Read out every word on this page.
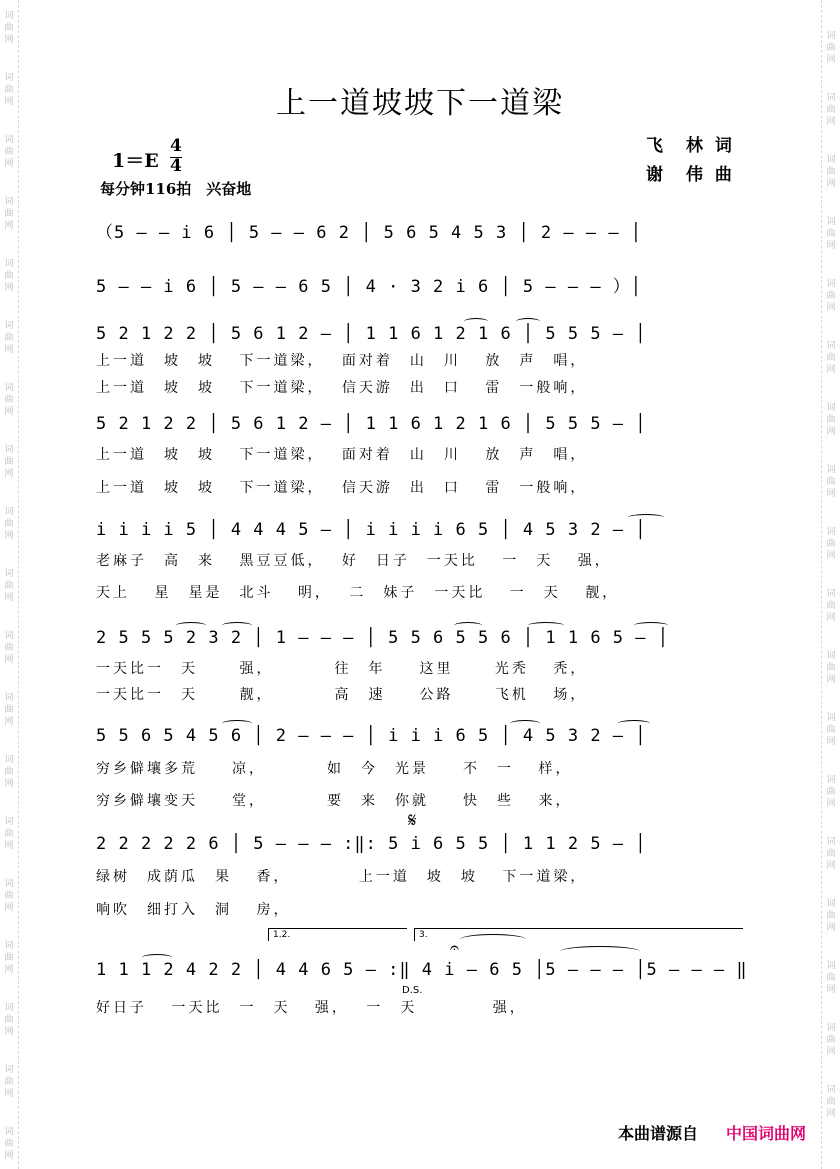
词曲网
词曲网
词曲网
词曲网
词曲网
词曲网
词曲网
词曲网
词曲网
词曲网
词曲网
词曲网
词曲网
词曲网
词曲网
词曲网
词曲网
词曲网
词曲网
词曲网
词曲网
词曲网
词曲网
词曲网
词曲网
词曲网
词曲网
词曲网
词曲网
词曲网
词曲网
词曲网
词曲网
词曲网
词曲网
词曲网
词曲网
上一道坡坡下一道梁
1＝E
4
4
每分钟116拍　兴奋地
飞　林 词
谢　伟 曲
（5 – – i 6 │ 5 – – 6 2 │ 5 6 5 4 5 3 │ 2 – – – │
5 – – i 6 │ 5 – – 6 5 │ 4 · 3 2 i 6 │ 5 – – – ）│
5 2 1 2 2 │ 5 6 1 2 – │ 1 1 6 1 2 1 6 │ 5 5 5 – │
上一道　坡　坡　 下一道梁，　 面对着　山　川　 放　声　唱，
上一道　坡　坡　 下一道梁，　 信天游　出　口　 雷　一般响，
5 2 1 2 2 │ 5 6 1 2 – │ 1 1 6 1 2 1 6 │ 5 5 5 – │
上一道　坡　坡　 下一道梁，　 面对着　山　川　 放　声　唱，
上一道　坡　坡　 下一道梁，　 信天游　出　口　 雷　一般响，
i i i i 5 │ 4 4 4 5 – │ i i i i 6 5 │ 4 5 3 2 – │
老麻子　高　来　 黑豆豆低，　 好　日子　一天比　 一　天　 强，
天上　 星　星是　北斗　 明，　 二　妹子　一天比　 一　天　 靓，
2 5 5 5 2 3 2 │ 1 – – – │ 5 5 6 5 5 6 │ 1 1 6 5 – │
一天比一　天　　 强，　　　　往　年　　这里　　 光秃　 秃，
一天比一　天　　 靓，　　　　高　速　　公路　　 飞机　 场，
5 5 6 5 4 5 6 │ 2 – – – │ i i i 6 5 │ 4 5 3 2 – │
穷乡僻壤多荒　　凉，　　　　如　今　光景　　不　一　 样，
穷乡僻壤变天　　堂，　　　　要　来　你就　　快　些　 来，
𝄋
2 2 2 2 2 6 │ 5 – – – :‖: 5 i 6 5 5 │ 1 1 2 5 – │
绿树　成荫瓜　果　 香，　　　　 上一道　坡　坡　 下一道梁，
响吹　细打入　洞　 房，
1.2.	3.
𝄐
1 1 1 2 4 2 2 │ 4 4 6 5 – :‖ 4 i – 6 5 │5 – – – │5 – – – ‖
D.S.
好日子　 一天比　一　天　 强，　 一　天　　　　 强，
本曲谱源自 中国词曲网
